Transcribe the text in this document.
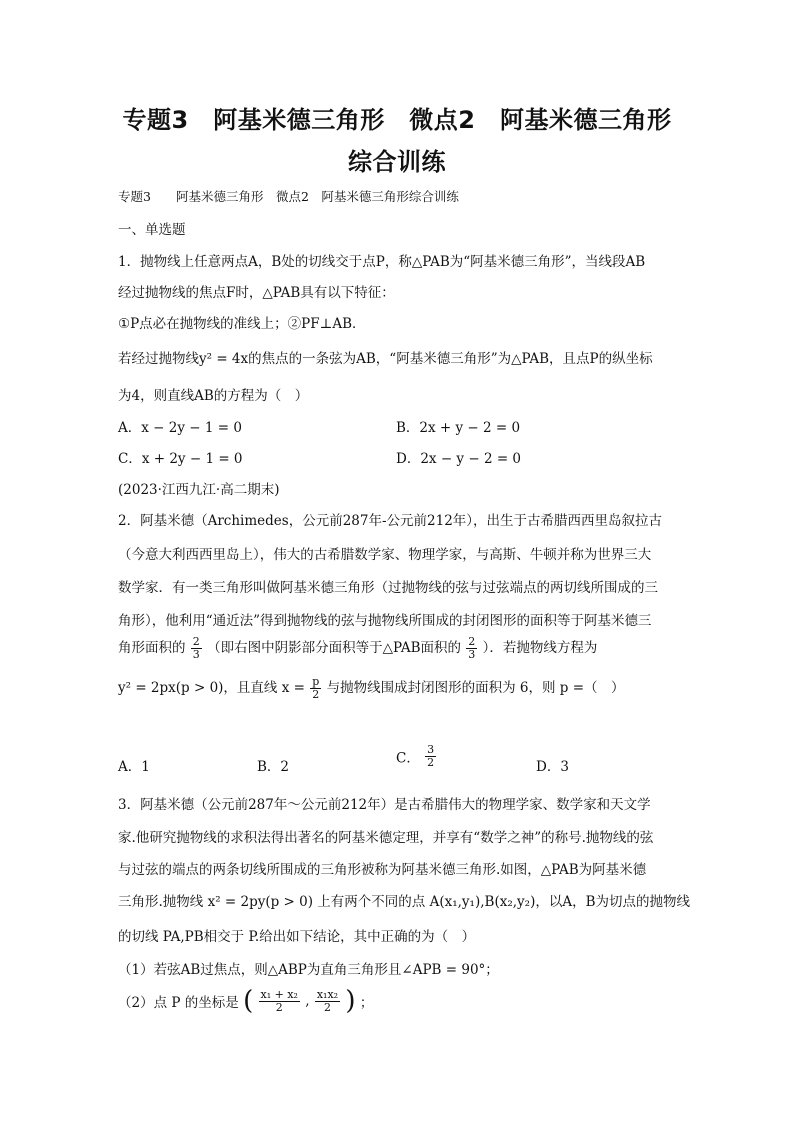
专题3　阿基米德三角形　微点2　阿基米德三角形
综合训练
专题3　　阿基米德三角形　微点2　阿基米德三角形综合训练
一、单选题
1．抛物线上任意两点A，B处的切线交于点P，称△PAB为“阿基米德三角形”，当线段AB
经过抛物线的焦点F时，△PAB具有以下特征：
①P点必在抛物线的准线上；②PF⊥AB．
若经过抛物线y² = 4x的焦点的一条弦为AB，“阿基米德三角形”为△PAB，且点P的纵坐标
为4，则直线AB的方程为（　）
A．x − 2y − 1 = 0	B．2x + y − 2 = 0
C．x + 2y − 1 = 0	D．2x − y − 2 = 0
(2023·江西九江·高二期末)
2．阿基米德（Archimedes，公元前287年-公元前212年），出生于古希腊西西里岛叙拉古
（今意大利西西里岛上），伟大的古希腊数学家、物理学家，与高斯、牛顿并称为世界三大
数学家．有一类三角形叫做阿基米德三角形（过抛物线的弦与过弦端点的两切线所围成的三
角形），他利用“通近法”得到抛物线的弦与抛物线所围成的封闭图形的面积等于阿基米德三
角形面积的 $\frac{2}{3}$ （即右图中阴影部分面积等于△PAB面积的 $\frac{2}{3}$ ）．若抛物线方程为
y² = 2px(p > 0)，且直线 $x = \frac{p}{2}$ 与抛物线围成封闭图形的面积为 6，则 p =（　）
A．1	B．2
C． $\frac{3}{2}$	D．3
3．阿基米德（公元前287年～公元前212年）是古希腊伟大的物理学家、数学家和天文学
家.他研究抛物线的求积法得出著名的阿基米德定理，并享有“数学之神”的称号.抛物线的弦
与过弦的端点的两条切线所围成的三角形被称为阿基米德三角形.如图，△PAB为阿基米德
三角形.抛物线 x² = 2py(p > 0) 上有两个不同的点 A(x₁,y₁),B(x₂,y₂)，以A，B为切点的抛物线
的切线 PA,PB相交于 P.给出如下结论，其中正确的为（　）
（1）若弦AB过焦点，则△ABP为直角三角形且∠APB = 90°；
（2）点 P 的坐标是 ( $\frac{\text{x₁ + x₂}}{2}$ , $\frac{\text{x₁x₂}}{2}$ ) ；
